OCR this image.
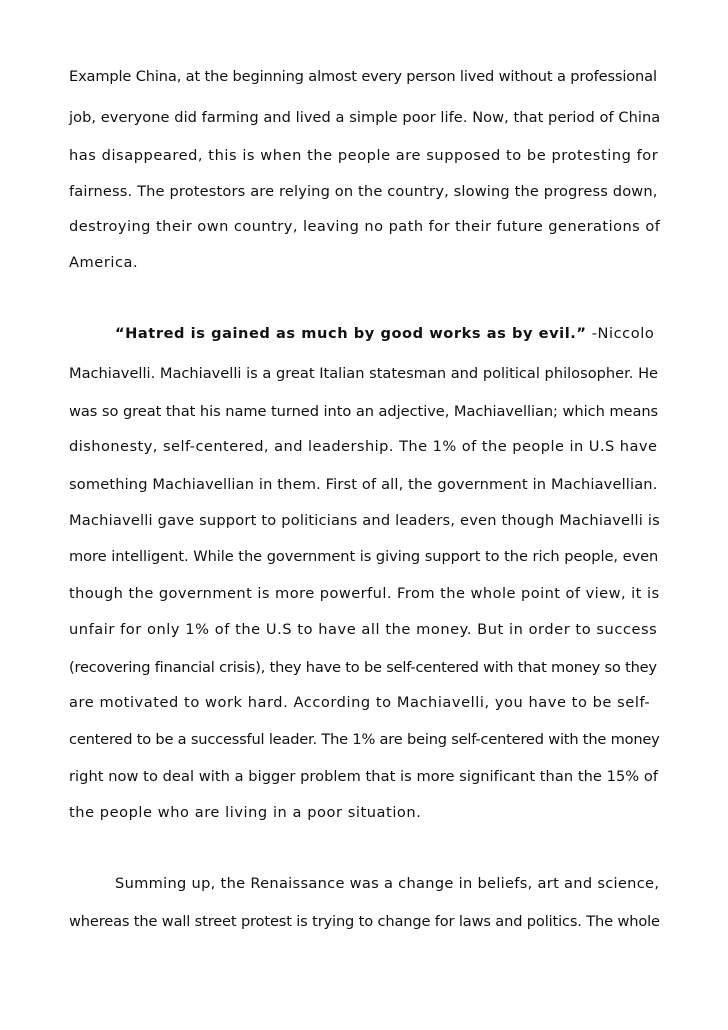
Example China, at the beginning almost every person lived without a professional
job, everyone did farming and lived a simple poor life. Now, that period of China
has disappeared, this is when the people are supposed to be protesting for
fairness. The protestors are relying on the country, slowing the progress down,
destroying their own country, leaving no path for their future generations of
America.
“Hatred is gained as much by good works as by evil.” -Niccolo
Machiavelli. Machiavelli is a great Italian statesman and political philosopher. He
was so great that his name turned into an adjective, Machiavellian; which means
dishonesty, self-centered, and leadership. The 1% of the people in U.S have
something Machiavellian in them. First of all, the government in Machiavellian.
Machiavelli gave support to politicians and leaders, even though Machiavelli is
more intelligent. While the government is giving support to the rich people, even
though the government is more powerful. From the whole point of view, it is
unfair for only 1% of the U.S to have all the money. But in order to success
(recovering financial crisis), they have to be self-centered with that money so they
are motivated to work hard. According to Machiavelli, you have to be self-
centered to be a successful leader. The 1% are being self-centered with the money
right now to deal with a bigger problem that is more significant than the 15% of
the people who are living in a poor situation.
Summing up, the Renaissance was a change in beliefs, art and science,
whereas the wall street protest is trying to change for laws and politics. The whole
